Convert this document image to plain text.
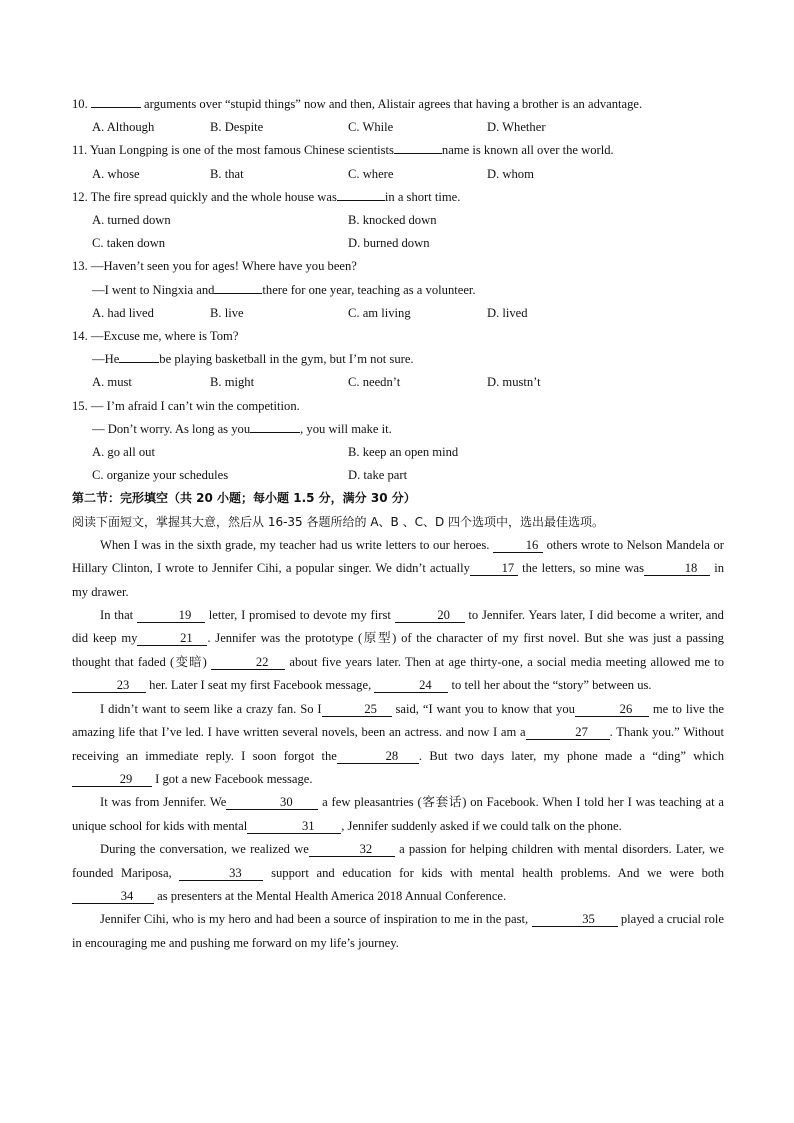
10.	arguments over “stupid things” now and then, Alistair agrees that having a brother is an advantage.

A. Although	B. Despite	C. While	D. Whether

11. Yuan Longping is one of the most famous Chinese scientists	name is known all over the world.

A. whose	B. that	C. where	D. whom

12. The fire spread quickly and the whole house was	in a short time.

A. turned down	B. knocked down
C. taken down	D. burned down

13. —Haven’t seen you for ages! Where have you been?

—I went to Ningxia and	there for one year, teaching as a volunteer.

A. had lived	B. live	C. am living	D. lived

14. —Excuse me, where is Tom?

—He	be playing basketball in the gym, but I’m not sure.

A. must	B. might	C. needn’t	D. mustn’t

15. — I’m afraid I can’t win the competition.

— Don’t worry. As long as you	, you will make it.

A. go all out	B. keep an open mind
C. organize your schedules	D. take part

第二节：完形填空（共 20 小题；每小题 1.5 分，满分 30 分）

阅读下面短文，掌握其大意，然后从 16-35 各题所给的 A、B 、C、D 四个选项中，选出最佳选项。

When I was in the sixth grade, my teacher had us write letters to our heroes.	16 others wrote to Nelson Mandela or Hillary Clinton, I wrote to Jennifer Cihi, a popular singer. We didn’t actually	17 the letters, so mine was	18 in my drawer.

In that	19 letter, I promised to devote my first	20 to Jennifer. Years later, I did become a writer, and did keep my	21 . Jennifer was the prototype (原型) of the character of my first novel. But she was just a passing thought that faded (变暗)	22 about five years later. Then at age thirty-one, a social media meeting allowed me to23 her. Later I seat my first Facebook message,	24 to tell her about the “story” between us.

I didn’t want to seem like a crazy fan. So I	25 said, “I want you to know that you	26 me to live the amazing life that I’ve led. I have written several novels, been an actress. and now I am a	27 . Thank you.” Without receiving an immediate reply. I soon forgot the	28 . But two days later, my phone made a “ding” which29 I got a new Facebook message.

It was from Jennifer. We	30 a few pleasantries (客套话) on Facebook. When I told her I was teaching at a unique school for kids with mental	31 , Jennifer suddenly asked if we could talk on the phone.

During the conversation, we realized we	32 a passion for helping children with mental disorders. Later, we founded Mariposa,	33 support and education for kids with mental health problems. And we were both34 as presenters at the Mental Health America 2018 Annual Conference.

Jennifer Cihi, who is my hero and had been a source of inspiration to me in the past,	35 played a crucial role in encouraging me and pushing me forward on my life’s journey.
